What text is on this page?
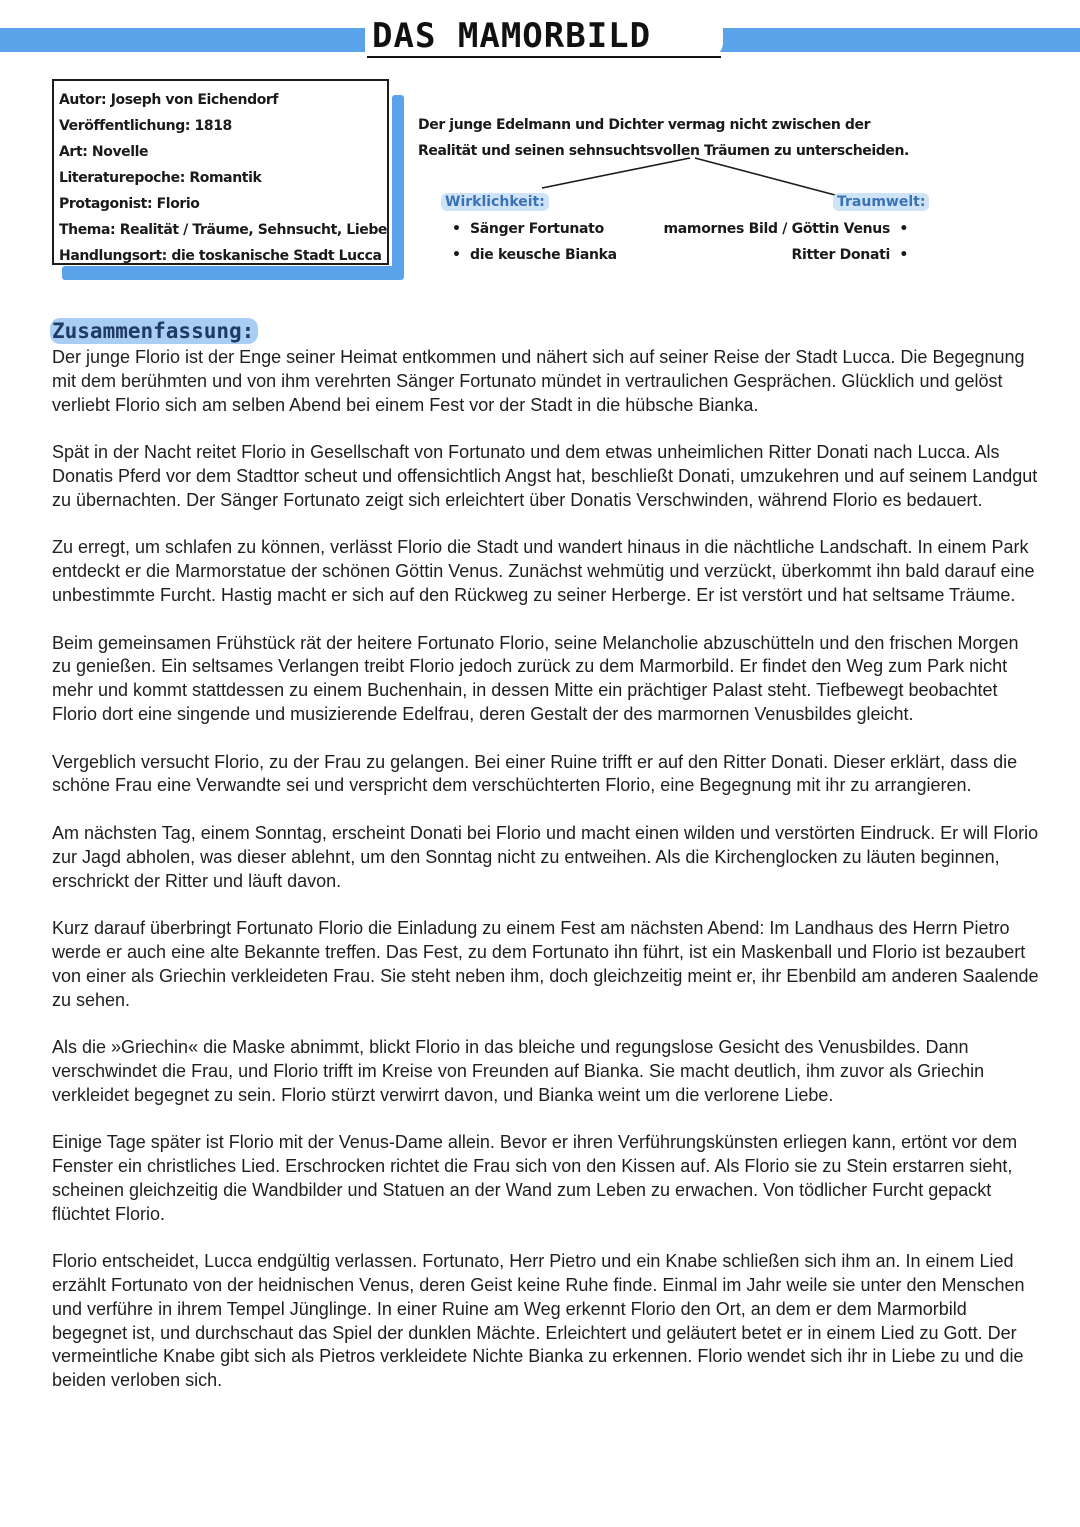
DAS MAMORBILD
Autor: Joseph von Eichendorf
Veröffentlichung: 1818
Art: Novelle
Literaturepoche: Romantik
Protagonist: Florio
Thema: Realität / Träume, Sehnsucht, Liebe
Handlungsort: die toskanische Stadt Lucca
Der junge Edelmann und Dichter vermag nicht zwischen der
Realität und seinen sehnsuchtsvollen Träumen zu unterscheiden.
Wirklichkeit:	Traumwelt:
• Sänger Fortunato
• die keusche Bianka
mamornes Bild / Göttin Venus •
Ritter Donati •
Zusammenfassung:

Der junge Florio ist der Enge seiner Heimat entkommen und nähert sich auf seiner Reise der Stadt Lucca. Die Begegnung mit dem berühmten und von ihm verehrten Sänger Fortunato mündet in vertraulichen Gesprächen. Glücklich und gelöst verliebt Florio sich am selben Abend bei einem Fest vor der Stadt in die hübsche Bianka.

Spät in der Nacht reitet Florio in Gesellschaft von Fortunato und dem etwas unheimlichen Ritter Donati nach Lucca. Als Donatis Pferd vor dem Stadttor scheut und offensichtlich Angst hat, beschließt Donati, umzukehren und auf seinem Landgut zu übernachten. Der Sänger Fortunato zeigt sich erleichtert über Donatis Verschwinden, während Florio es bedauert.

Zu erregt, um schlafen zu können, verlässt Florio die Stadt und wandert hinaus in die nächtliche Landschaft. In einem Park entdeckt er die Marmorstatue der schönen Göttin Venus. Zunächst wehmütig und verzückt, überkommt ihn bald darauf eine unbestimmte Furcht. Hastig macht er sich auf den Rückweg zu seiner Herberge. Er ist verstört und hat seltsame Träume.

Beim gemeinsamen Frühstück rät der heitere Fortunato Florio, seine Melancholie abzuschütteln und den frischen Morgen zu genießen. Ein seltsames Verlangen treibt Florio jedoch zurück zu dem Marmorbild. Er findet den Weg zum Park nicht mehr und kommt stattdessen zu einem Buchenhain, in dessen Mitte ein prächtiger Palast steht. Tiefbewegt beobachtet Florio dort eine singende und musizierende Edelfrau, deren Gestalt der des marmornen Venusbildes gleicht.

Vergeblich versucht Florio, zu der Frau zu gelangen. Bei einer Ruine trifft er auf den Ritter Donati. Dieser erklärt, dass die schöne Frau eine Verwandte sei und verspricht dem verschüchterten Florio, eine Begegnung mit ihr zu arrangieren.

Am nächsten Tag, einem Sonntag, erscheint Donati bei Florio und macht einen wilden und verstörten Eindruck. Er will Florio zur Jagd abholen, was dieser ablehnt, um den Sonntag nicht zu entweihen. Als die Kirchenglocken zu läuten beginnen, erschrickt der Ritter und läuft davon.

Kurz darauf überbringt Fortunato Florio die Einladung zu einem Fest am nächsten Abend: Im Landhaus des Herrn Pietro werde er auch eine alte Bekannte treffen. Das Fest, zu dem Fortunato ihn führt, ist ein Maskenball und Florio ist bezaubert von einer als Griechin verkleideten Frau. Sie steht neben ihm, doch gleichzeitig meint er, ihr Ebenbild am anderen Saalende zu sehen.

Als die »Griechin« die Maske abnimmt, blickt Florio in das bleiche und regungslose Gesicht des Venusbildes. Dann verschwindet die Frau, und Florio trifft im Kreise von Freunden auf Bianka. Sie macht deutlich, ihm zuvor als Griechin verkleidet begegnet zu sein. Florio stürzt verwirrt davon, und Bianka weint um die verlorene Liebe.

Einige Tage später ist Florio mit der Venus-Dame allein. Bevor er ihren Verführungskünsten erliegen kann, ertönt vor dem Fenster ein christliches Lied. Erschrocken richtet die Frau sich von den Kissen auf. Als Florio sie zu Stein erstarren sieht, scheinen gleichzeitig die Wandbilder und Statuen an der Wand zum Leben zu erwachen. Von tödlicher Furcht gepackt flüchtet Florio.

Florio entscheidet, Lucca endgültig verlassen. Fortunato, Herr Pietro und ein Knabe schließen sich ihm an. In einem Lied erzählt Fortunato von der heidnischen Venus, deren Geist keine Ruhe finde. Einmal im Jahr weile sie unter den Menschen und verführe in ihrem Tempel Jünglinge. In einer Ruine am Weg erkennt Florio den Ort, an dem er dem Marmorbild begegnet ist, und durchschaut das Spiel der dunklen Mächte. Erleichtert und geläutert betet er in einem Lied zu Gott. Der vermeintliche Knabe gibt sich als Pietros verkleidete Nichte Bianka zu erkennen. Florio wendet sich ihr in Liebe zu und die beiden verloben sich.
